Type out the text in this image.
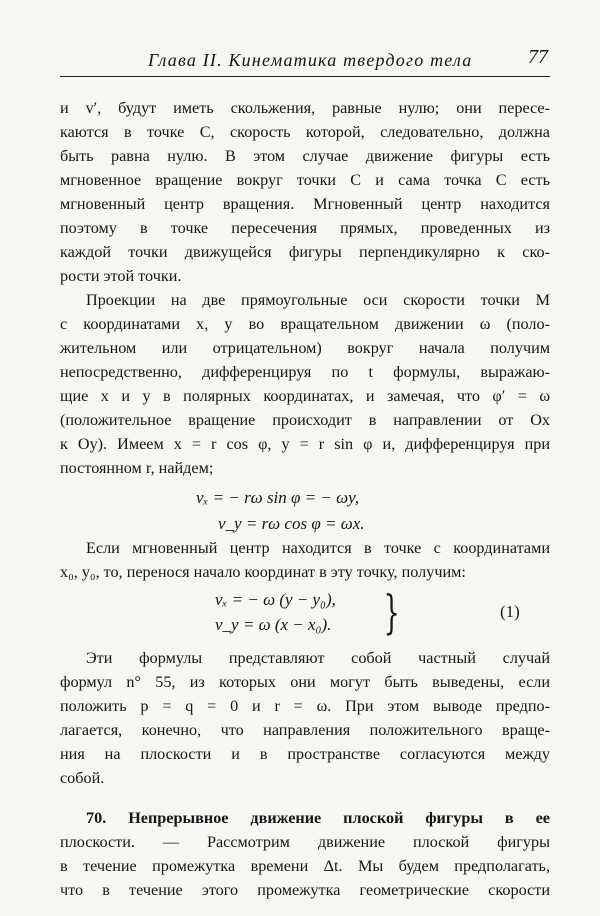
Глава II. Кинематика твердого тела	77

и v′, будут иметь скольжения, равные нулю; они пересе-

каются в точке C, скорость которой, следовательно, должна

быть равна нулю. В этом случае движение фигуры есть

мгновенное вращение вокруг точки C и сама точка C есть

мгновенный центр вращения. Мгновенный центр находится

поэтому в точке пересечения прямых, проведенных из

каждой точки движущейся фигуры перпендикулярно к ско-

рости этой точки.

Проекции на две прямоугольные оси скорости точки M

с координатами x, y во вращательном движении ω (поло-

жительном или отрицательном) вокруг начала получим

непосредственно, дифференцируя по t формулы, выражаю-

щие x и y в полярных координатах, и замечая, что φ′ = ω

(положительное вращение происходит в направлении от Ox

к Oy). Имеем x = r cos φ, y = r sin φ и, дифференцируя при

постоянном r, найдем;

vₓ = − rω sin φ = − ωy,
v_y = rω cos φ = ωx.

Если мгновенный центр находится в точке с координатами

x₀, y₀, то, перенося начало координат в эту точку, получим:

vₓ = − ω (y − y₀),
v_y = ω (x − x₀). }	(1)

Эти формулы представляют собой частный случай

формул n° 55, из которых они могут быть выведены, если

положить p = q = 0 и r = ω. При этом выводе предпо-

лагается, конечно, что направления положительного враще-

ния на плоскости и в пространстве согласуются между

собой.

70. Непрерывное движение плоской фигуры в ее

плоскости. — Рассмотрим движение плоской фигуры

в течение промежутка времени Δt. Мы будем предполагать,

что в течение этого промежутка геометрические скорости
